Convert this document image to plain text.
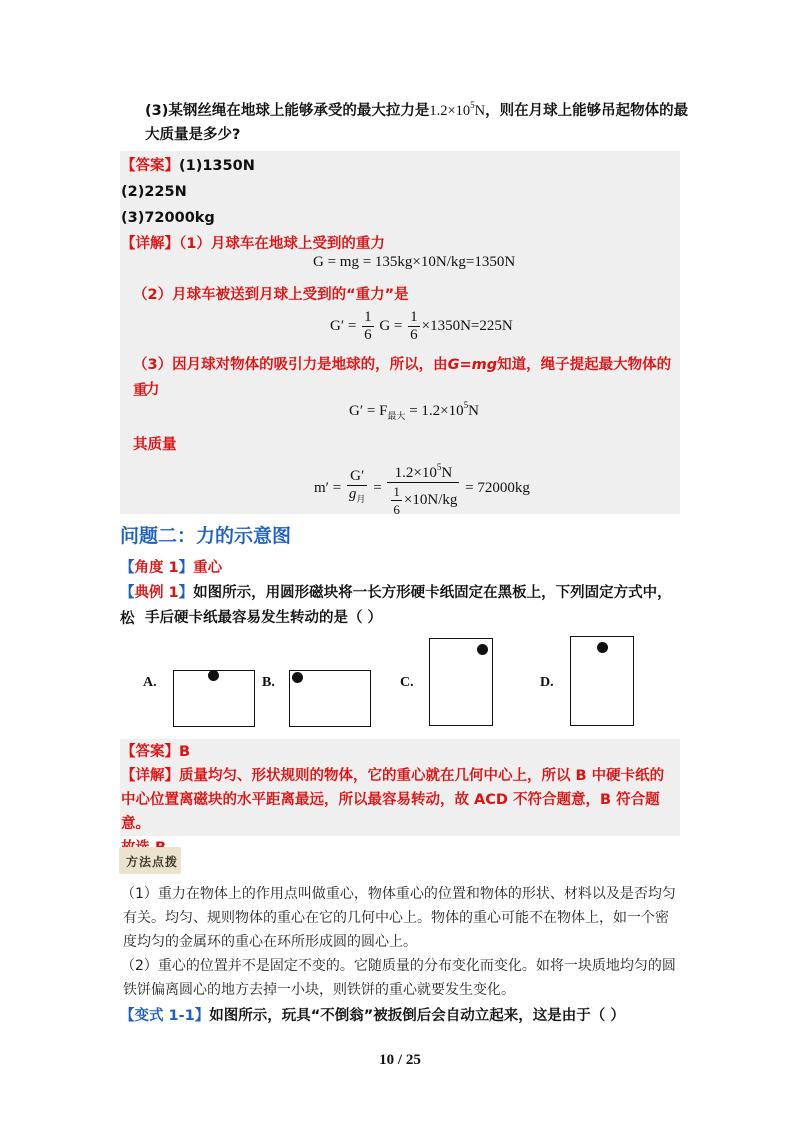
(3)某钢丝绳在地球上能够承受的最大拉力是$1.2\times 10^5N$，则在月球上能够吊起物体的最
大质量是多少?
【答案】(1)1350N
(2)225N
(3)72000kg
【详解】（1）月球车在地球上受到的重力
G = mg = 135kg×10N/kg=1350N
（2）月球车被送到月球上受到的“重力”是
$G' = \frac{1}{6}$ $G = \frac{1}{6} \times 1350N=225N$
（3）因月球对物体的吸引力是地球的，所以，由G=mg知道，绳子提起最大物体的重
力
$G' = F_{最大} = 1.2\times 10^5N$
其质量
$m' = \frac{G'}{g_月} = \frac{1.2\times 10^5N}{\frac{1}{6} \times 10N/kg} = 72000kg$
问题二：力的示意图
【角度 1】重心
【典例 1】如图所示，用圆形磁块将一长方形硬卡纸固定在黑板上，下列固定方式中，松 手后硬卡纸最容易发生转动的是（ ）
A.	B.	C.	D.
【答案】B
【详解】质量均匀、形状规则的物体，它的重心就在几何中心上，所以 B 中硬卡纸的
中心位置离磁块的水平距离最远，所以最容易转动，故 ACD 不符合题意，B 符合题意。
方法点拨
（1）重力在物体上的作用点叫做重心，物体重心的位置和物体的形状、材料以及是否均匀
有关。均匀、规则物体的重心在它的几何中心上。物体的重心可能不在物体上，如一个密
度均匀的金属环的重心在环所形成圆的圆心上。
（2）重心的位置并不是固定不变的。它随质量的分布变化而变化。如将一块质地均匀的圆
铁饼偏离圆心的地方去掉一小块，则铁饼的重心就要发生变化。
【变式 1-1】如图所示，玩具“不倒翁”被扳倒后会自动立起来，这是由于（ ）
10 / 25
